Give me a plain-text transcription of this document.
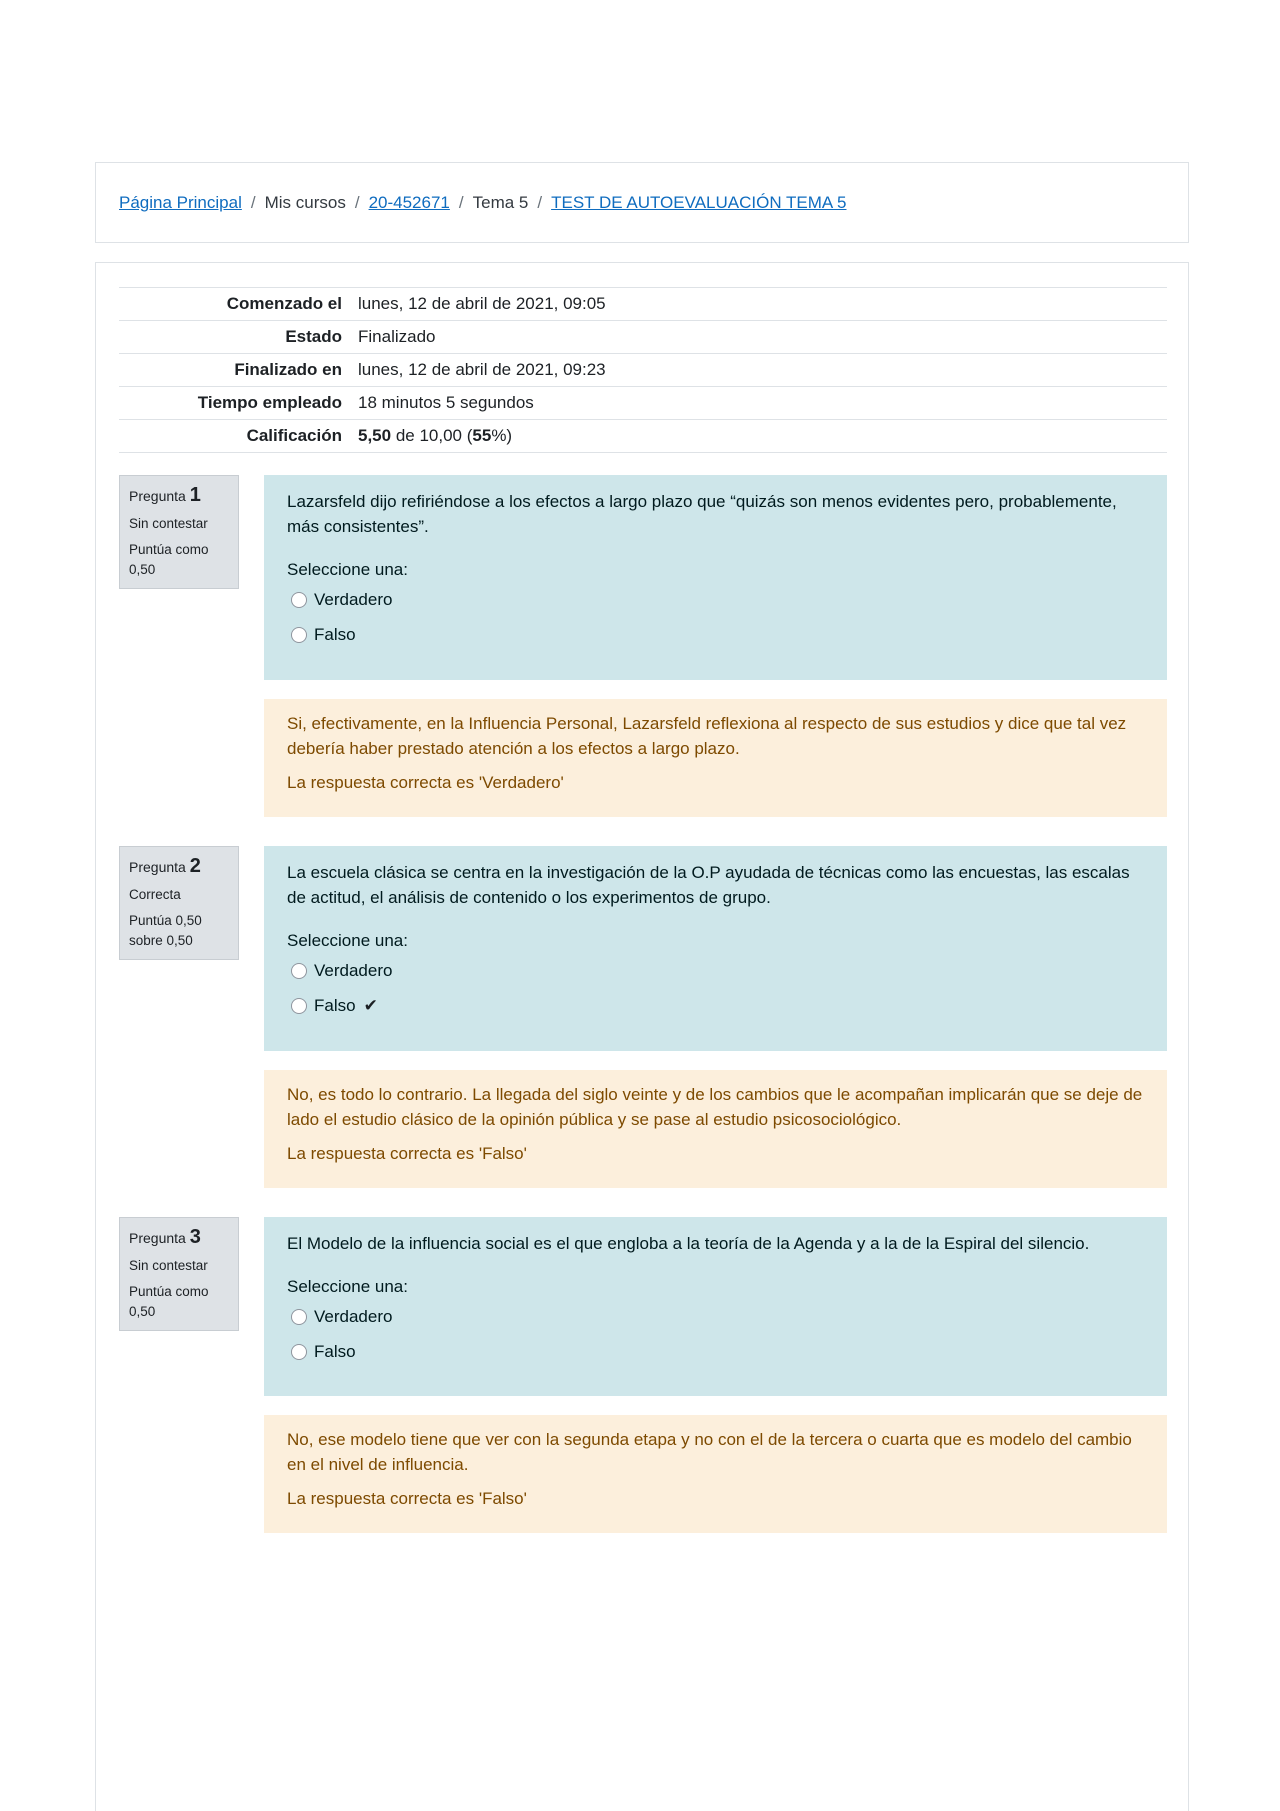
Página Principal / Mis cursos / 20-452671 / Tema 5 / TEST DE AUTOEVALUACIÓN TEMA 5
Comenzado el	lunes, 12 de abril de 2021, 09:05
Estado	Finalizado
Finalizado en	lunes, 12 de abril de 2021, 09:23
Tiempo empleado	18 minutos 5 segundos
Calificación	5,50 de 10,00 (55%)
Pregunta 1
Sin contestar
Puntúa como 0,50
Lazarsfeld dijo refiriéndose a los efectos a largo plazo que “quizás son menos evidentes pero, probablemente, más consistentes”.
Seleccione una:
Verdadero
Falso
Si, efectivamente, en la Influencia Personal, Lazarsfeld reflexiona al respecto de sus estudios y dice que tal vez debería haber prestado atención a los efectos a largo plazo.
La respuesta correcta es 'Verdadero'
Pregunta 2
Correcta
Puntúa 0,50 sobre 0,50
La escuela clásica se centra en la investigación de la O.P ayudada de técnicas como las encuestas, las escalas de actitud, el análisis de contenido o los experimentos de grupo.
Seleccione una:
Verdadero
Falso ✔
No, es todo lo contrario. La llegada del siglo veinte y de los cambios que le acompañan implicarán que se deje de lado el estudio clásico de la opinión pública y se pase al estudio psicosociológico.
La respuesta correcta es 'Falso'
Pregunta 3
Sin contestar
Puntúa como 0,50
El Modelo de la influencia social es el que engloba a la teoría de la Agenda y a la de la Espiral del silencio.
Seleccione una:
Verdadero
Falso
No, ese modelo tiene que ver con la segunda etapa y no con el de la tercera o cuarta que es modelo del cambio en el nivel de influencia.
La respuesta correcta es 'Falso'
